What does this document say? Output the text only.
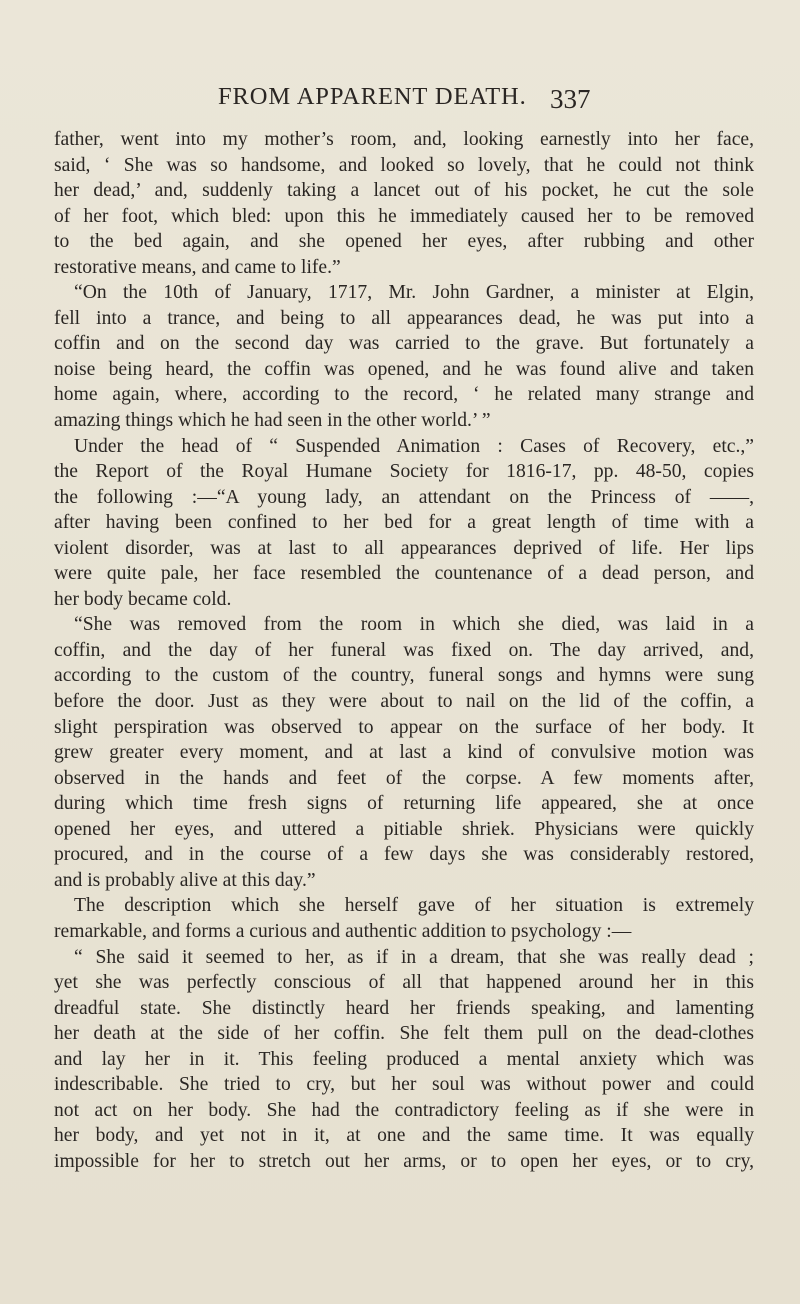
FROM APPARENT DEATH. 337
father, went into my mother’s room, and, looking earnestly into her face,
said, ‘ She was so handsome, and looked so lovely, that he could not think
her dead,’ and, suddenly taking a lancet out of his pocket, he cut the sole
of her foot, which bled: upon this he immediately caused her to be removed
to the bed again, and she opened her eyes, after rubbing and other
restorative means, and came to life.”
“On the 10th of January, 1717, Mr. John Gardner, a minister at Elgin,
fell into a trance, and being to all appearances dead, he was put into a
coffin and on the second day was carried to the grave. But fortunately a
noise being heard, the coffin was opened, and he was found alive and taken
home again, where, according to the record, ‘ he related many strange and
amazing things which he had seen in the other world.’ ”
Under the head of “ Suspended Animation : Cases of Recovery, etc.,”
the Report of the Royal Humane Society for 1816-17, pp. 48-50, copies
the following :—“A young lady, an attendant on the Princess of ——,
after having been confined to her bed for a great length of time with a
violent disorder, was at last to all appearances deprived of life. Her lips
were quite pale, her face resembled the countenance of a dead person, and
her body became cold.
“She was removed from the room in which she died, was laid in a
coffin, and the day of her funeral was fixed on. The day arrived, and,
according to the custom of the country, funeral songs and hymns were sung
before the door. Just as they were about to nail on the lid of the coffin, a
slight perspiration was observed to appear on the surface of her body. It
grew greater every moment, and at last a kind of convulsive motion was
observed in the hands and feet of the corpse. A few moments after,
during which time fresh signs of returning life appeared, she at once
opened her eyes, and uttered a pitiable shriek. Physicians were quickly
procured, and in the course of a few days she was considerably restored,
and is probably alive at this day.”
The description which she herself gave of her situation is extremely
remarkable, and forms a curious and authentic addition to psychology :—
“ She said it seemed to her, as if in a dream, that she was really dead ;
yet she was perfectly conscious of all that happened around her in this
dreadful state. She distinctly heard her friends speaking, and lamenting
her death at the side of her coffin. She felt them pull on the dead-clothes
and lay her in it. This feeling produced a mental anxiety which was
indescribable. She tried to cry, but her soul was without power and could
not act on her body. She had the contradictory feeling as if she were in
her body, and yet not in it, at one and the same time. It was equally
impossible for her to stretch out her arms, or to open her eyes, or to cry,
